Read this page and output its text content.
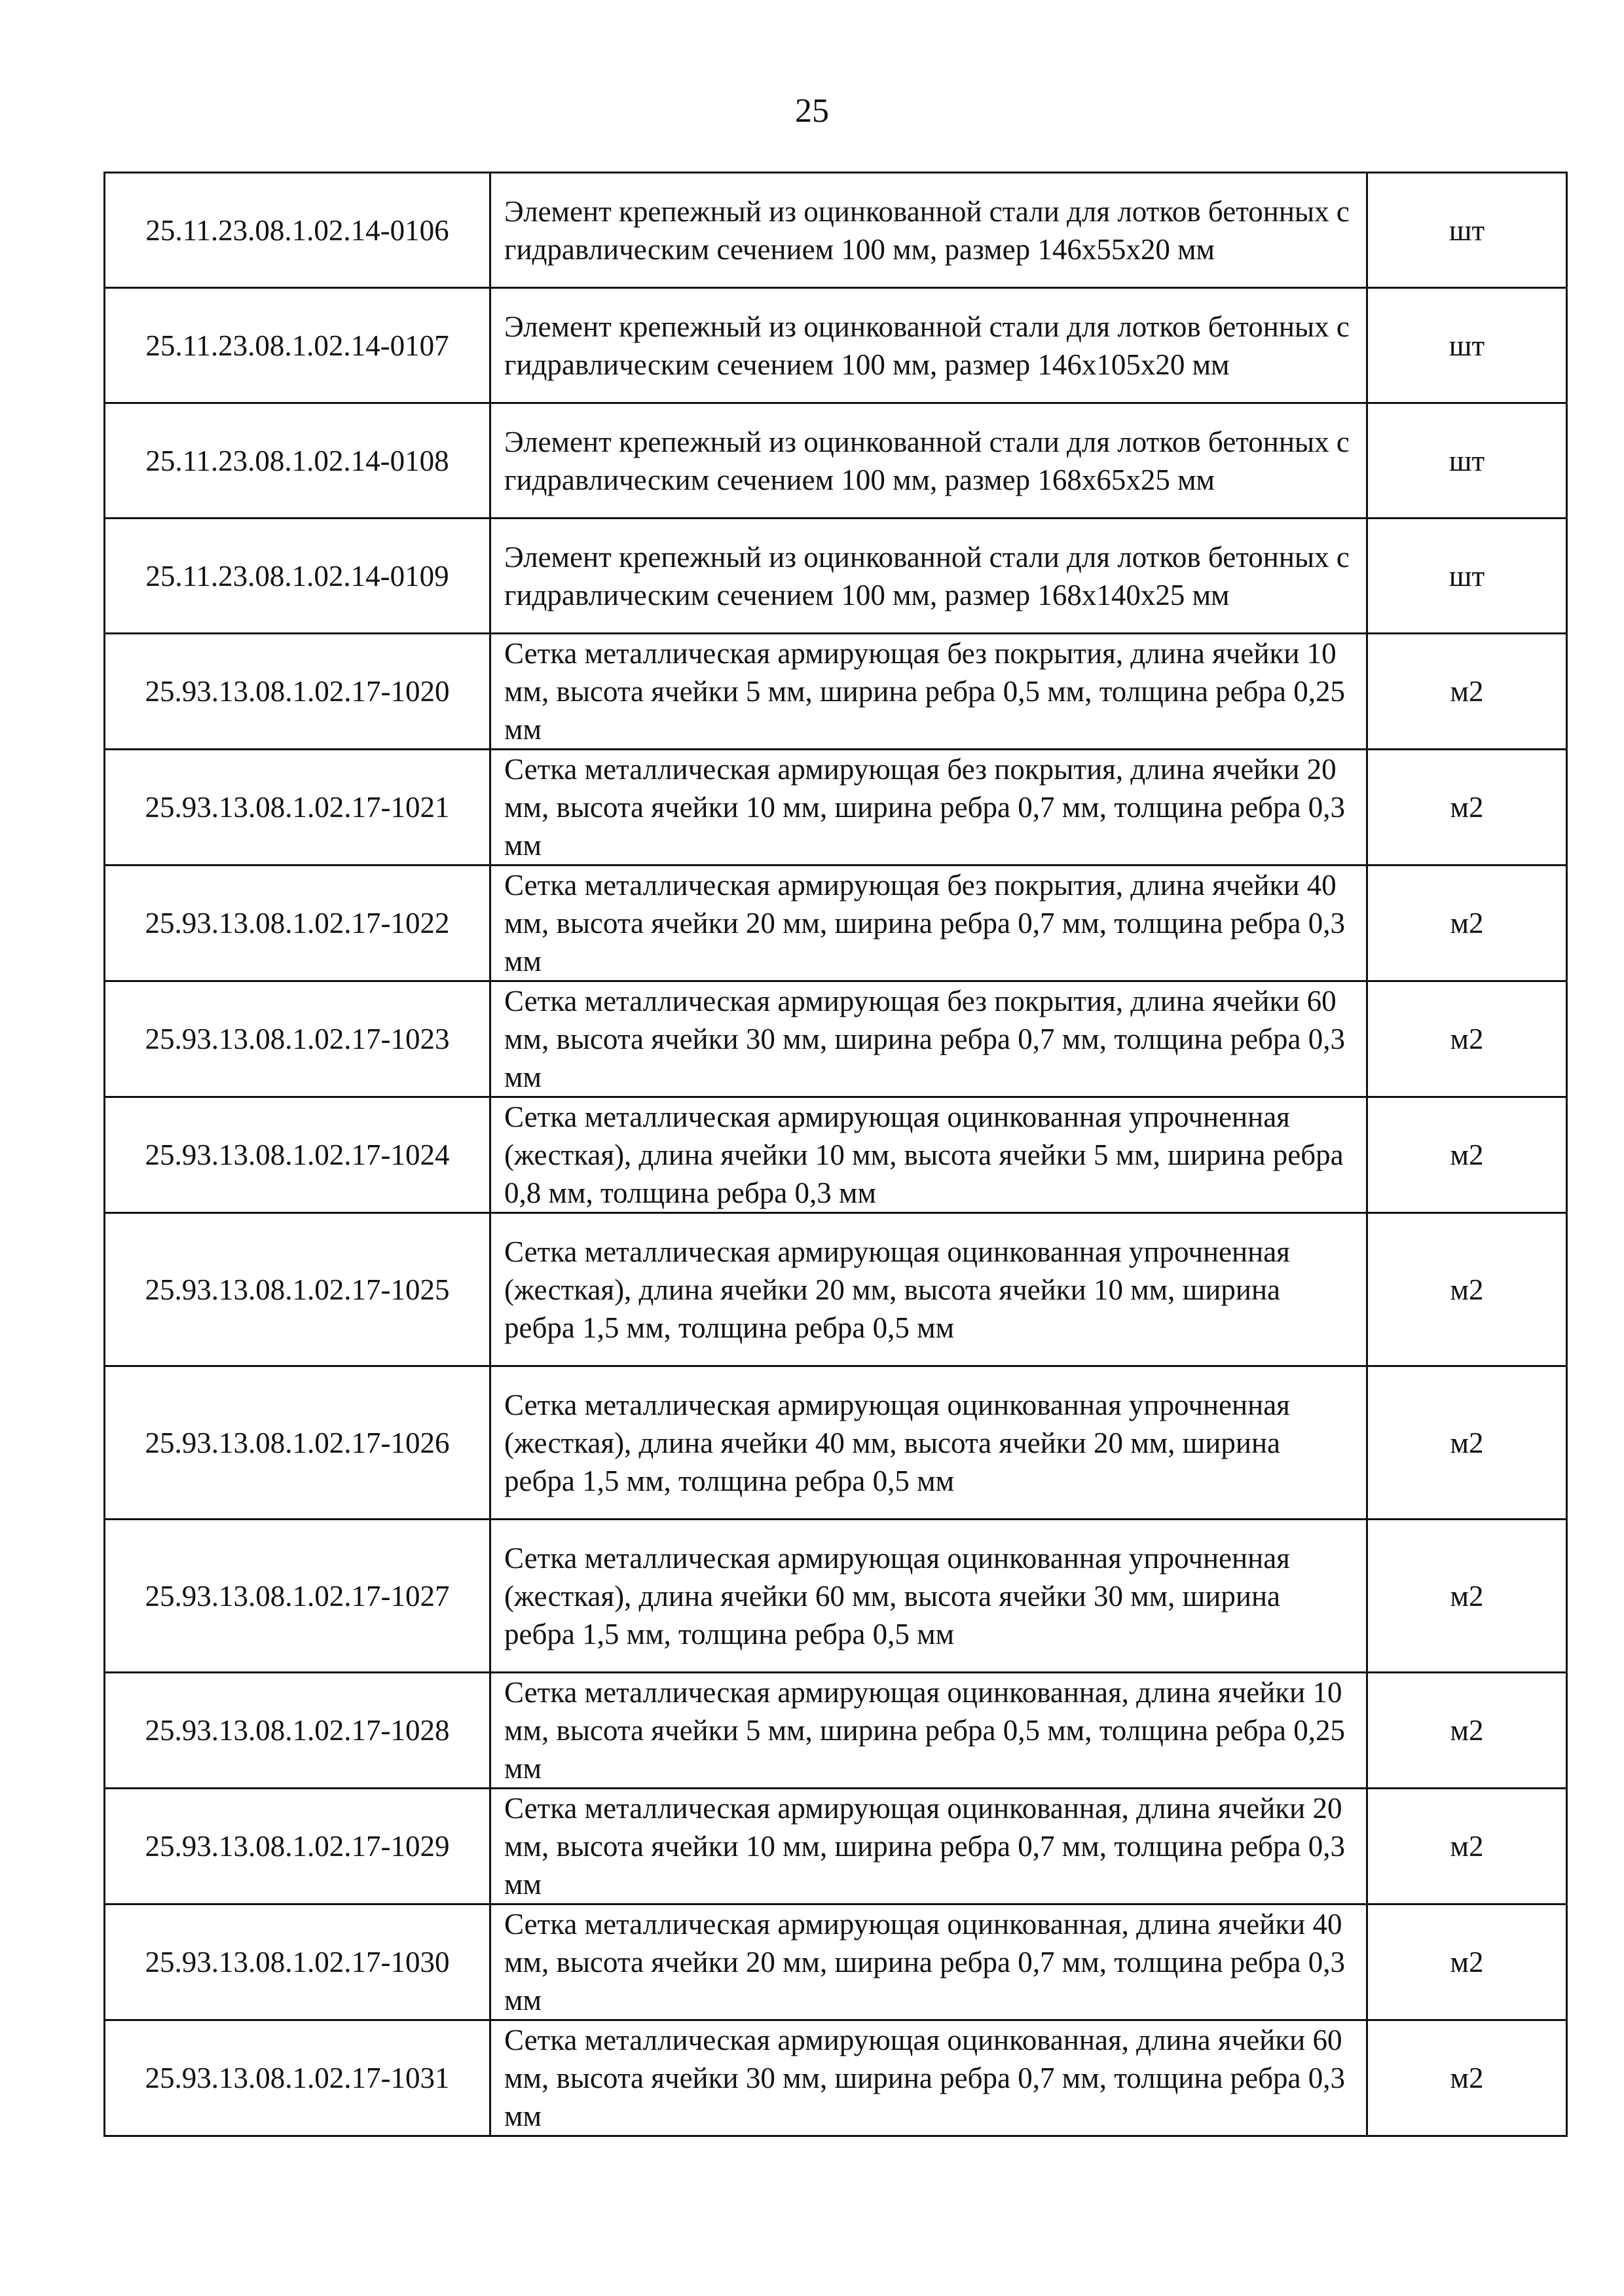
25
25.11.23.08.1.02.14-0106	Элемент крепежный из оцинкованной стали для лотков бетонных с гидравлическим сечением 100 мм, размер 146х55х20 мм	шт
25.11.23.08.1.02.14-0107	Элемент крепежный из оцинкованной стали для лотков бетонных с гидравлическим сечением 100 мм, размер 146х105х20 мм	шт
25.11.23.08.1.02.14-0108	Элемент крепежный из оцинкованной стали для лотков бетонных с гидравлическим сечением 100 мм, размер 168х65х25 мм	шт
25.11.23.08.1.02.14-0109	Элемент крепежный из оцинкованной стали для лотков бетонных с гидравлическим сечением 100 мм, размер 168х140х25 мм	шт
25.93.13.08.1.02.17-1020	Сетка металлическая армирующая без покрытия, длина ячейки 10 мм, высота ячейки 5 мм, ширина ребра 0,5 мм, толщина ребра 0,25 мм	м2
25.93.13.08.1.02.17-1021	Сетка металлическая армирующая без покрытия, длина ячейки 20 мм, высота ячейки 10 мм, ширина ребра 0,7 мм, толщина ребра 0,3 мм	м2
25.93.13.08.1.02.17-1022	Сетка металлическая армирующая без покрытия, длина ячейки 40 мм, высота ячейки 20 мм, ширина ребра 0,7 мм, толщина ребра 0,3 мм	м2
25.93.13.08.1.02.17-1023	Сетка металлическая армирующая без покрытия, длина ячейки 60 мм, высота ячейки 30 мм, ширина ребра 0,7 мм, толщина ребра 0,3 мм	м2
25.93.13.08.1.02.17-1024	Сетка металлическая армирующая оцинкованная упрочненная (жесткая), длина ячейки 10 мм, высота ячейки 5 мм, ширина ребра 0,8 мм, толщина ребра 0,3 мм	м2
25.93.13.08.1.02.17-1025	Сетка металлическая армирующая оцинкованная упрочненная (жесткая), длина ячейки 20 мм, высота ячейки 10 мм, ширина ребра 1,5 мм, толщина ребра 0,5 мм	м2
25.93.13.08.1.02.17-1026	Сетка металлическая армирующая оцинкованная упрочненная (жесткая), длина ячейки 40 мм, высота ячейки 20 мм, ширина ребра 1,5 мм, толщина ребра 0,5 мм	м2
25.93.13.08.1.02.17-1027	Сетка металлическая армирующая оцинкованная упрочненная (жесткая), длина ячейки 60 мм, высота ячейки 30 мм, ширина ребра 1,5 мм, толщина ребра 0,5 мм	м2
25.93.13.08.1.02.17-1028	Сетка металлическая армирующая оцинкованная, длина ячейки 10 мм, высота ячейки 5 мм, ширина ребра 0,5 мм, толщина ребра 0,25 мм	м2
25.93.13.08.1.02.17-1029	Сетка металлическая армирующая оцинкованная, длина ячейки 20 мм, высота ячейки 10 мм, ширина ребра 0,7 мм, толщина ребра 0,3 мм	м2
25.93.13.08.1.02.17-1030	Сетка металлическая армирующая оцинкованная, длина ячейки 40 мм, высота ячейки 20 мм, ширина ребра 0,7 мм, толщина ребра 0,3 мм	м2
25.93.13.08.1.02.17-1031	Сетка металлическая армирующая оцинкованная, длина ячейки 60 мм, высота ячейки 30 мм, ширина ребра 0,7 мм, толщина ребра 0,3 мм	м2
